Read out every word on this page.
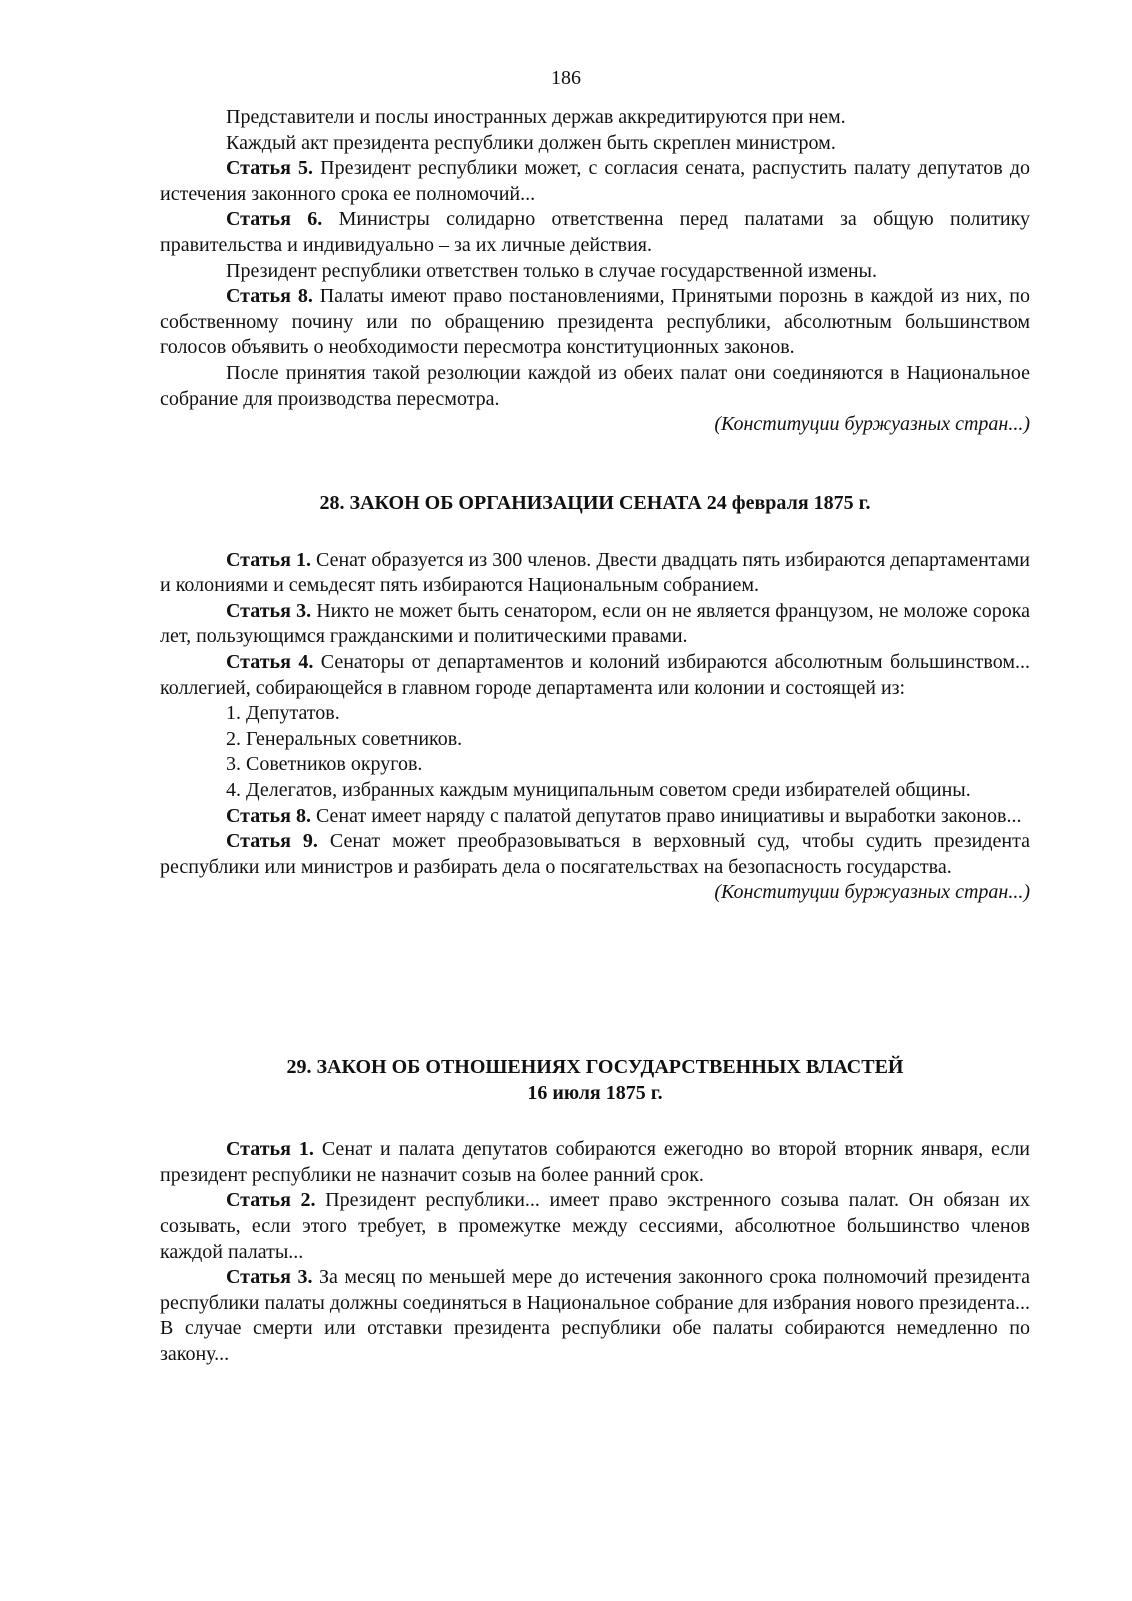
186

Представители и послы иностранных держав аккредитируются при нем.

Каждый акт президента республики должен быть скреплен министром.

Статья 5. Президент республики может, с согласия сената, распустить палату депутатов до истечения законного срока ее полномочий...

Статья 6. Министры солидарно ответственна перед палатами за общую политику правительства и индивидуально – за их личные действия.

Президент республики ответствен только в случае государственной измены.

Статья 8. Палаты имеют право постановлениями, Принятыми порознь в каждой из них, по собственному почину или по обращению президента республики, абсолютным большинством голосов объявить о необходимости пересмотра конституционных законов.

После принятия такой резолюции каждой из обеих палат они соединяются в Национальное собрание для производства пересмотра.

(Конституции буржуазных стран...)

28. ЗАКОН ОБ ОРГАНИЗАЦИИ СЕНАТА 24 февраля 1875 г.

Статья 1. Сенат образуется из 300 членов. Двести двадцать пять избираются департаментами и колониями и семьдесят пять избираются Национальным собранием.

Статья 3. Никто не может быть сенатором, если он не является французом, не моложе сорока лет, пользующимся гражданскими и политическими правами.

Статья 4. Сенаторы от департаментов и колоний избираются абсолютным большинством... коллегией, собирающейся в главном городе департамента или колонии и состоящей из:

1. Депутатов.

2. Генеральных советников.

3. Советников округов.

4. Делегатов, избранных каждым муниципальным советом среди избирателей общины.

Статья 8. Сенат имеет наряду с палатой депутатов право инициативы и выработки законов...

Статья 9. Сенат может преобразовываться в верховный суд, чтобы судить президента республики или министров и разбирать дела о посягательствах на безопасность государства.

(Конституции буржуазных стран...)

29. ЗАКОН ОБ ОТНОШЕНИЯХ ГОСУДАРСТВЕННЫХ ВЛАСТЕЙ

16 июля 1875 г.

Статья 1. Сенат и палата депутатов собираются ежегодно во второй вторник января, если президент республики не назначит созыв на более ранний срок.

Статья 2. Президент республики... имеет право экстренного созыва палат. Он обязан их созывать, если этого требует, в промежутке между сессиями, абсолютное большинство членов каждой палаты...

Статья 3. За месяц по меньшей мере до истечения законного срока полномочий президента республики палаты должны соединяться в Национальное собрание для избрания нового президента... В случае смерти или отставки президента республики обе палаты собираются немедленно по закону...
